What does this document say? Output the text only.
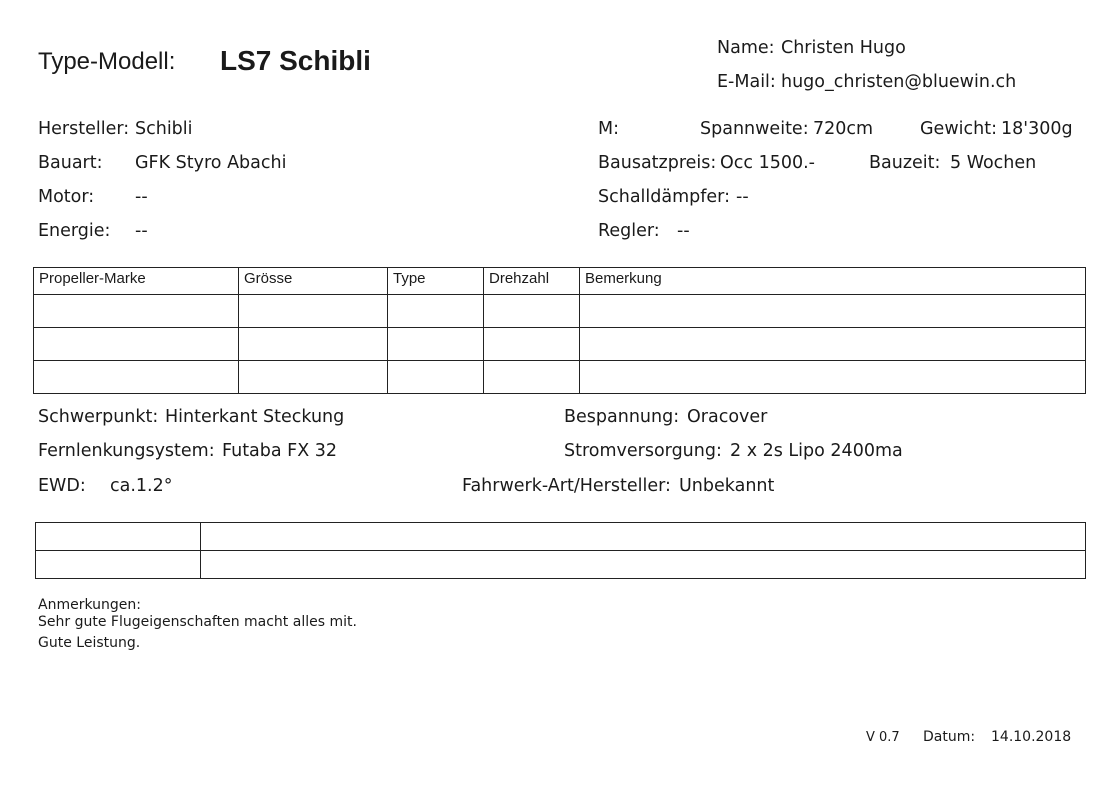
Type-Modell: LS7 Schibli	Name: Christen Hugo
E-Mail: hugo_christen@bluewin.ch
Hersteller: Schibli
Bauart: GFK Styro Abachi
Motor: --
Energie: --
M:	Spannweite: 720cm	Gewicht: 18'300g
Bausatzpreis: Occ 1500.-	Bauzeit: 5 Wochen
Schalldämpfer: --
Regler: --
Propeller-Marke	Grösse	Type	Drehzahl	Bemerkung

Schwerpunkt: Hinterkant Steckung	Bespannung: Oracover
Fernlenkungsystem: Futaba FX 32	Stromversorgung: 2 x 2s Lipo 2400ma
EWD: ca.1.2°	Fahrwerk-Art/Hersteller: Unbekannt

Anmerkungen:
Sehr gute Flugeigenschaften macht alles mit.
Gute Leistung.
V 0.7 Datum: 14.10.2018
